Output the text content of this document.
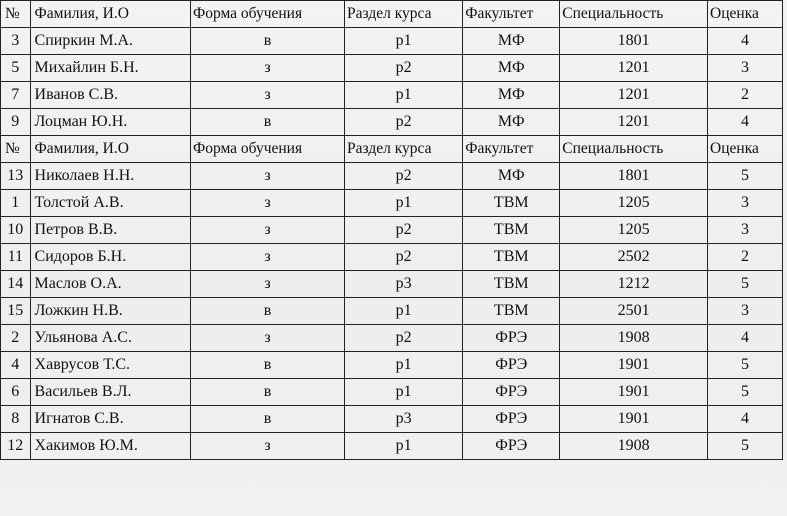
№	Фамилия, И.О	Форма обучения	Раздел курса	Факультет	Специальность	Оценка
3	Спиркин М.А.	в	p1	МФ	1801	4
5	Михайлин Б.Н.	з	p2	МФ	1201	3
7	Иванов С.В.	з	p1	МФ	1201	2
9	Лоцман Ю.Н.	в	p2	МФ	1201	4
№	Фамилия, И.О	Форма обучения	Раздел курса	Факультет	Специальность	Оценка
13	Николаев Н.Н.	з	p2	МФ	1801	5
1	Толстой А.В.	з	p1	ТВМ	1205	3
10	Петров В.В.	з	p2	ТВМ	1205	3
11	Сидоров Б.Н.	з	p2	ТВМ	2502	2
14	Маслов О.А.	з	p3	ТВМ	1212	5
15	Ложкин Н.В.	в	p1	ТВМ	2501	3
2	Ульянова А.С.	з	p2	ФРЭ	1908	4
4	Хаврусов Т.С.	в	p1	ФРЭ	1901	5
6	Васильев В.Л.	в	p1	ФРЭ	1901	5
8	Игнатов С.В.	в	p3	ФРЭ	1901	4
12	Хакимов Ю.М.	з	p1	ФРЭ	1908	5
